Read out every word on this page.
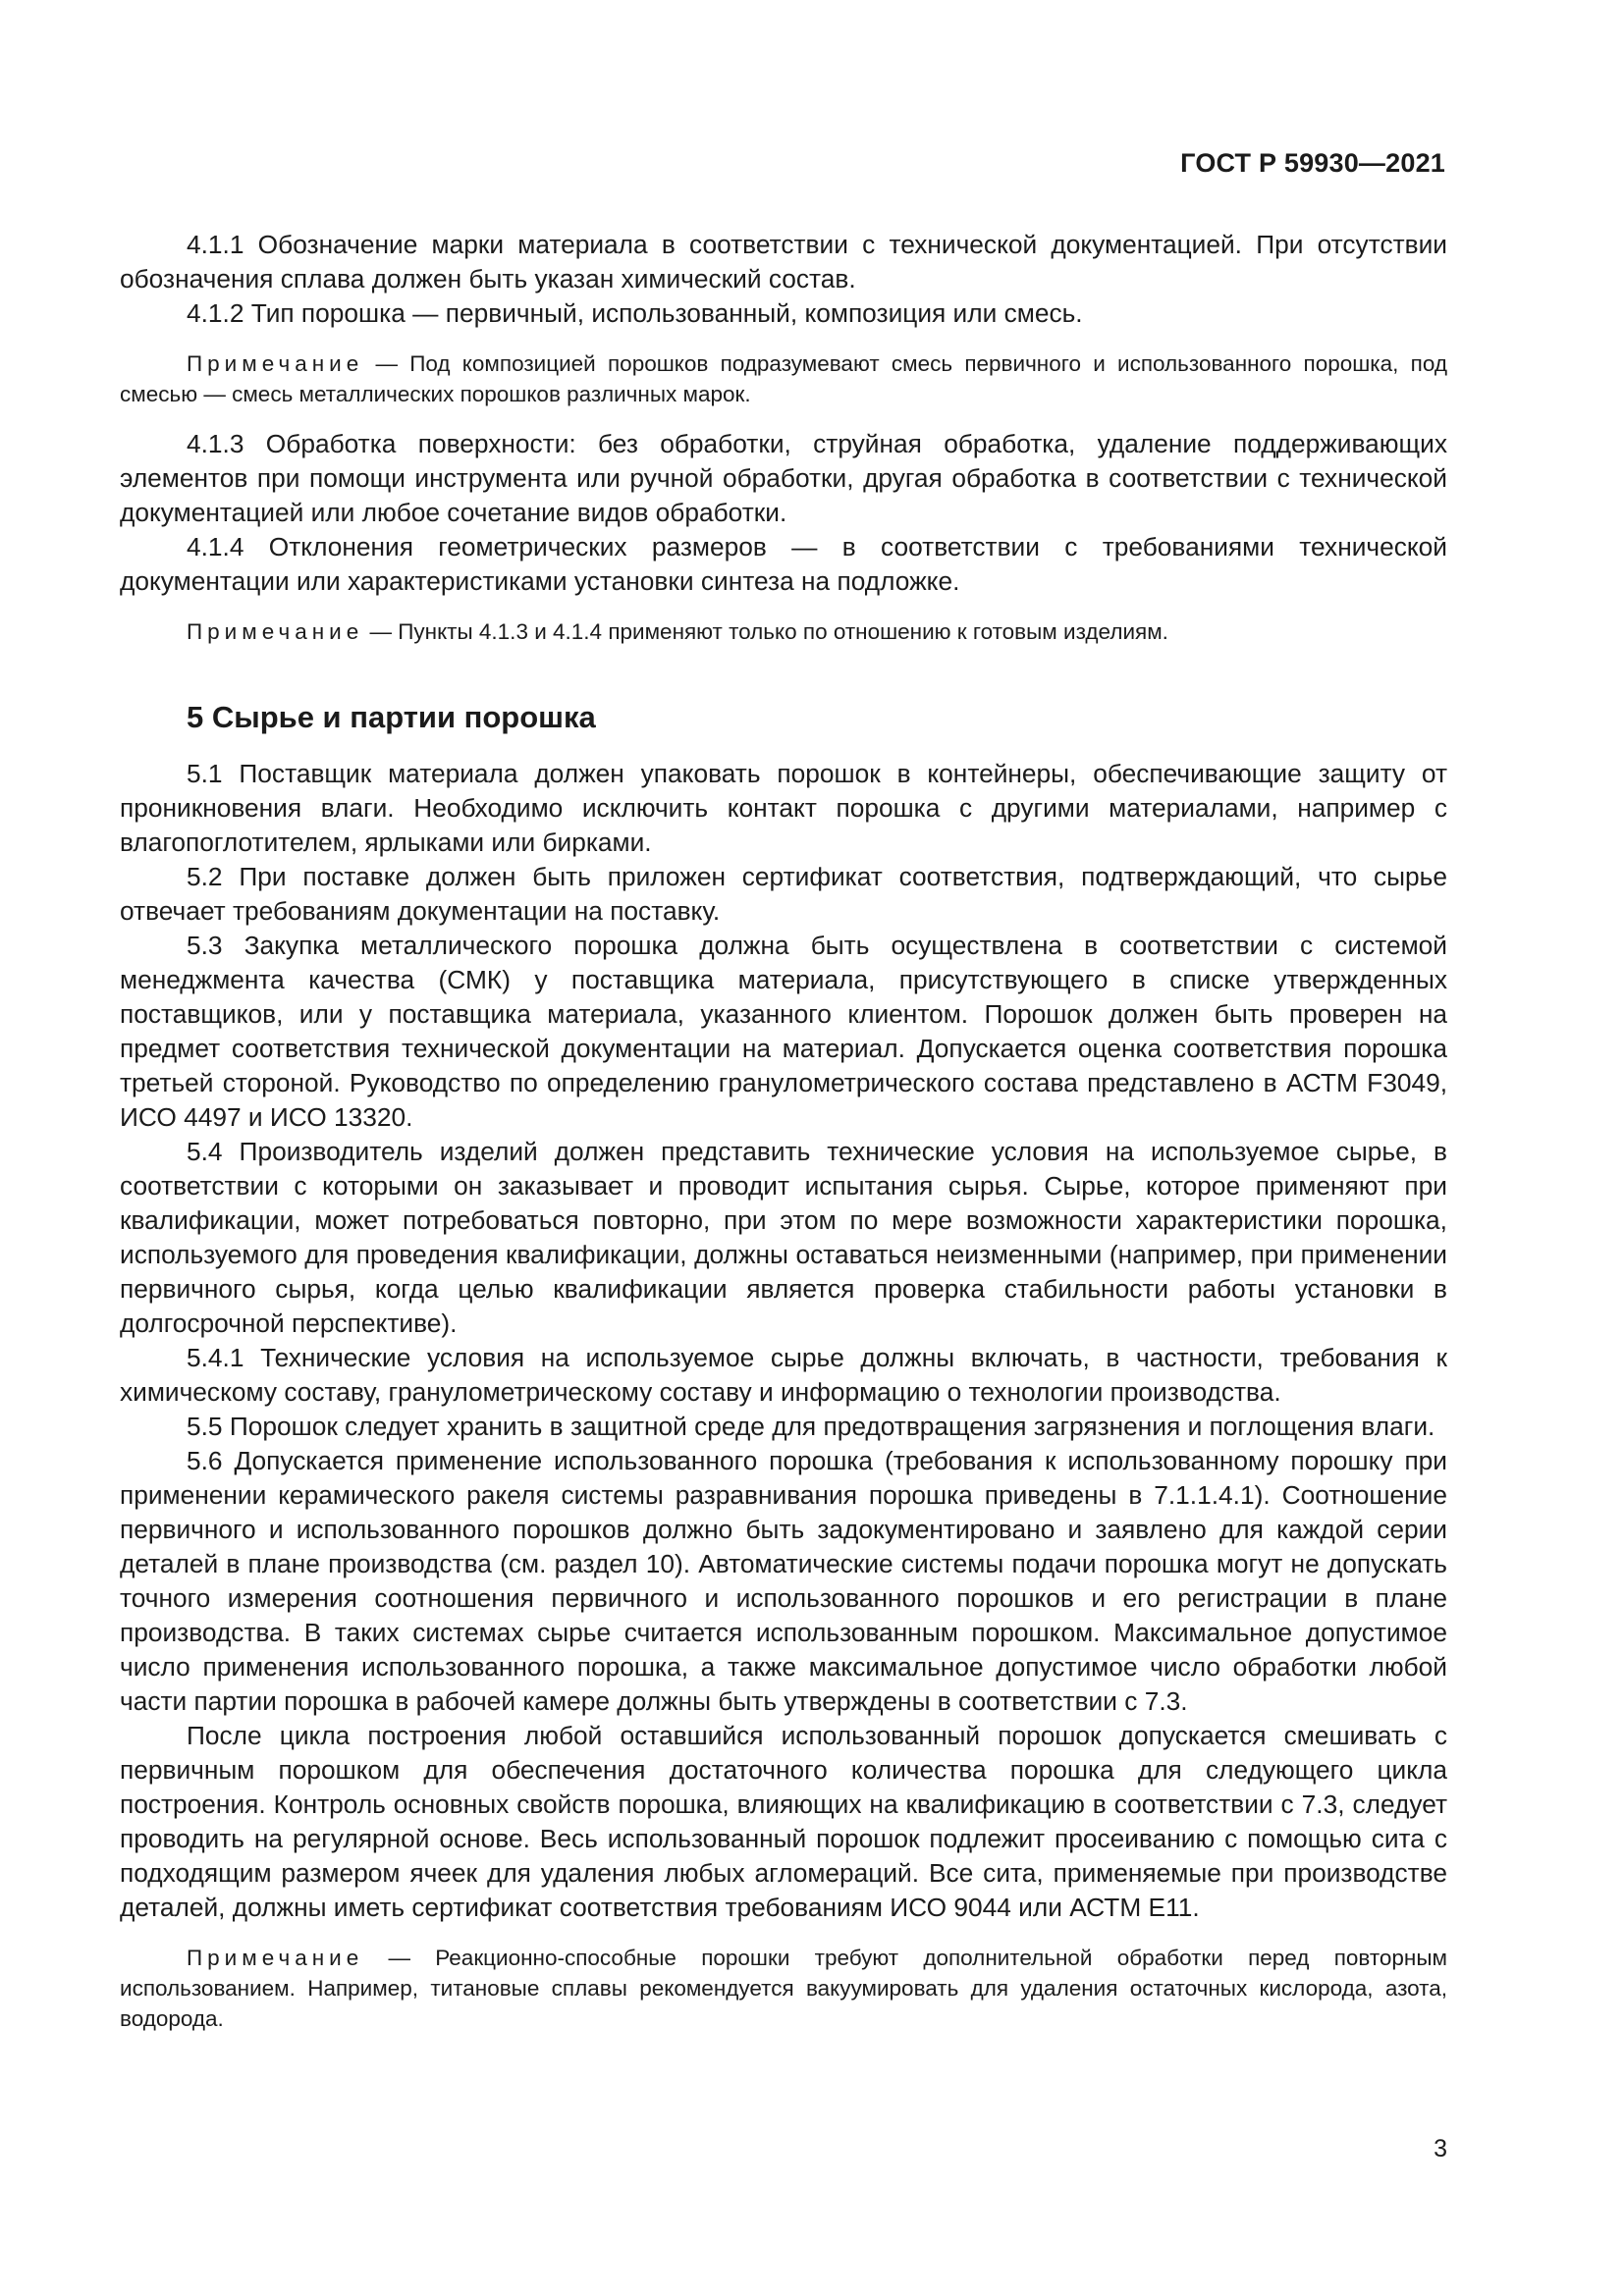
ГОСТ Р 59930—2021

4.1.1 Обозначение марки материала в соответствии с технической документацией. При отсутствии обозначения сплава должен быть указан химический состав.

4.1.2 Тип порошка — первичный, использованный, композиция или смесь.

Примечание — Под композицией порошков подразумевают смесь первичного и использованного порошка, под смесью — смесь металлических порошков различных марок.

4.1.3 Обработка поверхности: без обработки, струйная обработка, удаление поддерживающих элементов при помощи инструмента или ручной обработки, другая обработка в соответствии с технической документацией или любое сочетание видов обработки.

4.1.4 Отклонения геометрических размеров — в соответствии с требованиями технической документации или характеристиками установки синтеза на подложке.

Примечание — Пункты 4.1.3 и 4.1.4 применяют только по отношению к готовым изделиям.

5 Сырье и партии порошка

5.1 Поставщик материала должен упаковать порошок в контейнеры, обеспечивающие защиту от проникновения влаги. Необходимо исключить контакт порошка с другими материалами, например с влагопоглотителем, ярлыками или бирками.

5.2 При поставке должен быть приложен сертификат соответствия, подтверждающий, что сырье отвечает требованиям документации на поставку.

5.3 Закупка металлического порошка должна быть осуществлена в соответствии с системой менеджмента качества (СМК) у поставщика материала, присутствующего в списке утвержденных поставщиков, или у поставщика материала, указанного клиентом. Порошок должен быть проверен на предмет соответствия технической документации на материал. Допускается оценка соответствия порошка третьей стороной. Руководство по определению гранулометрического состава представлено в АСТМ F3049, ИСО 4497 и ИСО 13320.

5.4 Производитель изделий должен представить технические условия на используемое сырье, в соответствии с которыми он заказывает и проводит испытания сырья. Сырье, которое применяют при квалификации, может потребоваться повторно, при этом по мере возможности характеристики порошка, используемого для проведения квалификации, должны оставаться неизменными (например, при применении первичного сырья, когда целью квалификации является проверка стабильности работы установки в долгосрочной перспективе).

5.4.1 Технические условия на используемое сырье должны включать, в частности, требования к химическому составу, гранулометрическому составу и информацию о технологии производства.

5.5 Порошок следует хранить в защитной среде для предотвращения загрязнения и поглощения влаги.

5.6 Допускается применение использованного порошка (требования к использованному порошку при применении керамического ракеля системы разравнивания порошка приведены в 7.1.1.4.1). Соотношение первичного и использованного порошков должно быть задокументировано и заявлено для каждой серии деталей в плане производства (см. раздел 10). Автоматические системы подачи порошка могут не допускать точного измерения соотношения первичного и использованного порошков и его регистрации в плане производства. В таких системах сырье считается использованным порошком. Максимальное допустимое число применения использованного порошка, а также максимальное допустимое число обработки любой части партии порошка в рабочей камере должны быть утверждены в соответствии с 7.3.

После цикла построения любой оставшийся использованный порошок допускается смешивать с первичным порошком для обеспечения достаточного количества порошка для следующего цикла построения. Контроль основных свойств порошка, влияющих на квалификацию в соответствии с 7.3, следует проводить на регулярной основе. Весь использованный порошок подлежит просеиванию с помощью сита с подходящим размером ячеек для удаления любых агломераций. Все сита, применяемые при производстве деталей, должны иметь сертификат соответствия требованиям ИСО 9044 или АСТМ E11.

Примечание — Реакционно-способные порошки требуют дополнительной обработки перед повторным использованием. Например, титановые сплавы рекомендуется вакуумировать для удаления остаточных кислорода, азота, водорода.

3
